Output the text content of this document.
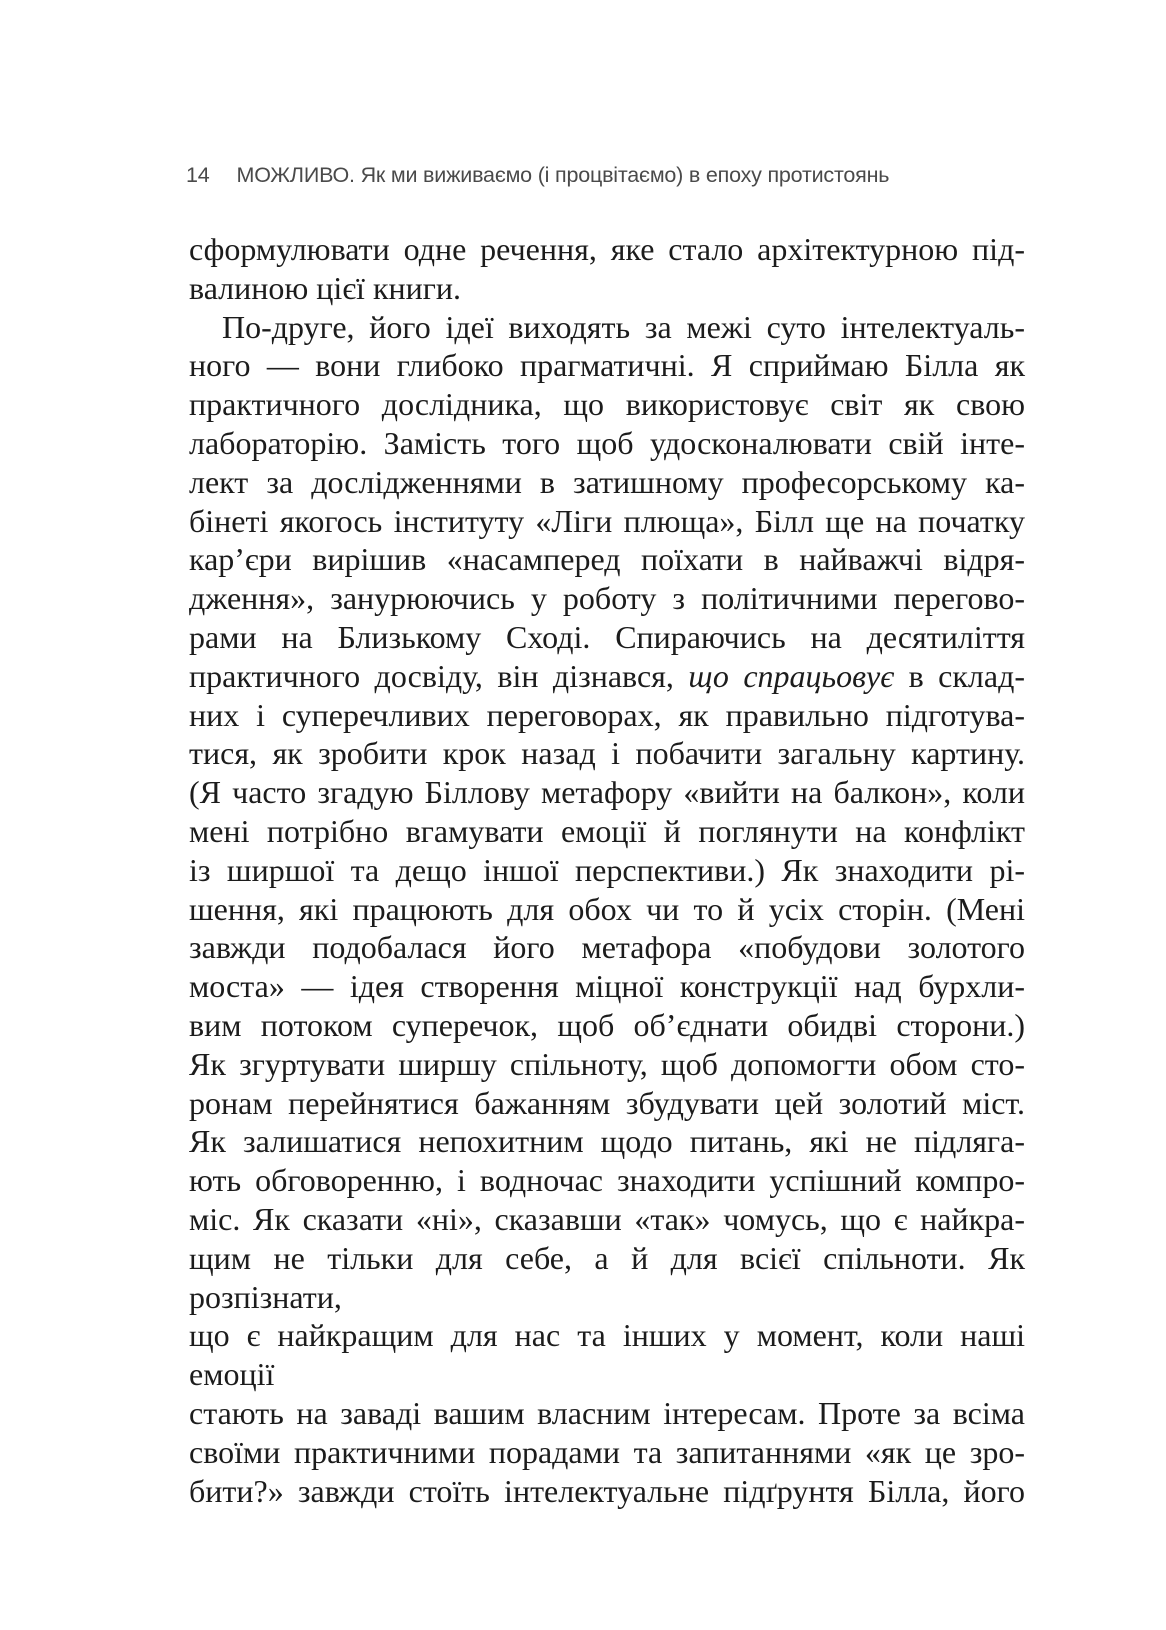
14 МОЖЛИВО. Як ми виживаємо (і процвітаємо) в епоху протистоянь
сформулювати одне речення, яке стало архітектурною під-
валиною цієї книги.
По-друге, його ідеї виходять за межі суто інтелектуаль-
ного — вони глибоко прагматичні. Я сприймаю Білла як
практичного дослідника, що використовує світ як свою
лабораторію. Замість того щоб удосконалювати свій інте-
лект за дослідженнями в затишному професорському ка-
бінеті якогось інституту «Ліги плюща», Білл ще на початку
кар’єри вирішив «насамперед поїхати в найважчі відря-
дження», занурюючись у роботу з політичними перегово-
рами на Близькому Сході. Спираючись на десятиліття
практичного досвіду, він дізнався, що спрацьовує в склад-
них і суперечливих переговорах, як правильно підготува-
тися, як зробити крок назад і побачити загальну картину.
(Я часто згадую Біллову метафору «вийти на балкон», коли
мені потрібно вгамувати емоції й поглянути на конфлікт
із ширшої та дещо іншої перспективи.) Як знаходити рі-
шення, які працюють для обох чи то й усіх сторін. (Мені
завжди подобалася його метафора «побудови золотого
моста» — ідея створення міцної конструкції над бурхли-
вим потоком суперечок, щоб об’єднати обидві сторони.)
Як згуртувати ширшу спільноту, щоб допомогти обом сто-
ронам перейнятися бажанням збудувати цей золотий міст.
Як залишатися непохитним щодо питань, які не підляга-
ють обговоренню, і водночас знаходити успішний компро-
міс. Як сказати «ні», сказавши «так» чомусь, що є найкра-
щим не тільки для себе, а й для всієї спільноти. Як розпізнати,
що є найкращим для нас та інших у момент, коли наші емоції
стають на заваді вашим власним інтересам. Проте за всіма
своїми практичними порадами та запитаннями «як це зро-
бити?» завжди стоїть інтелектуальне підґрунтя Білла, його
